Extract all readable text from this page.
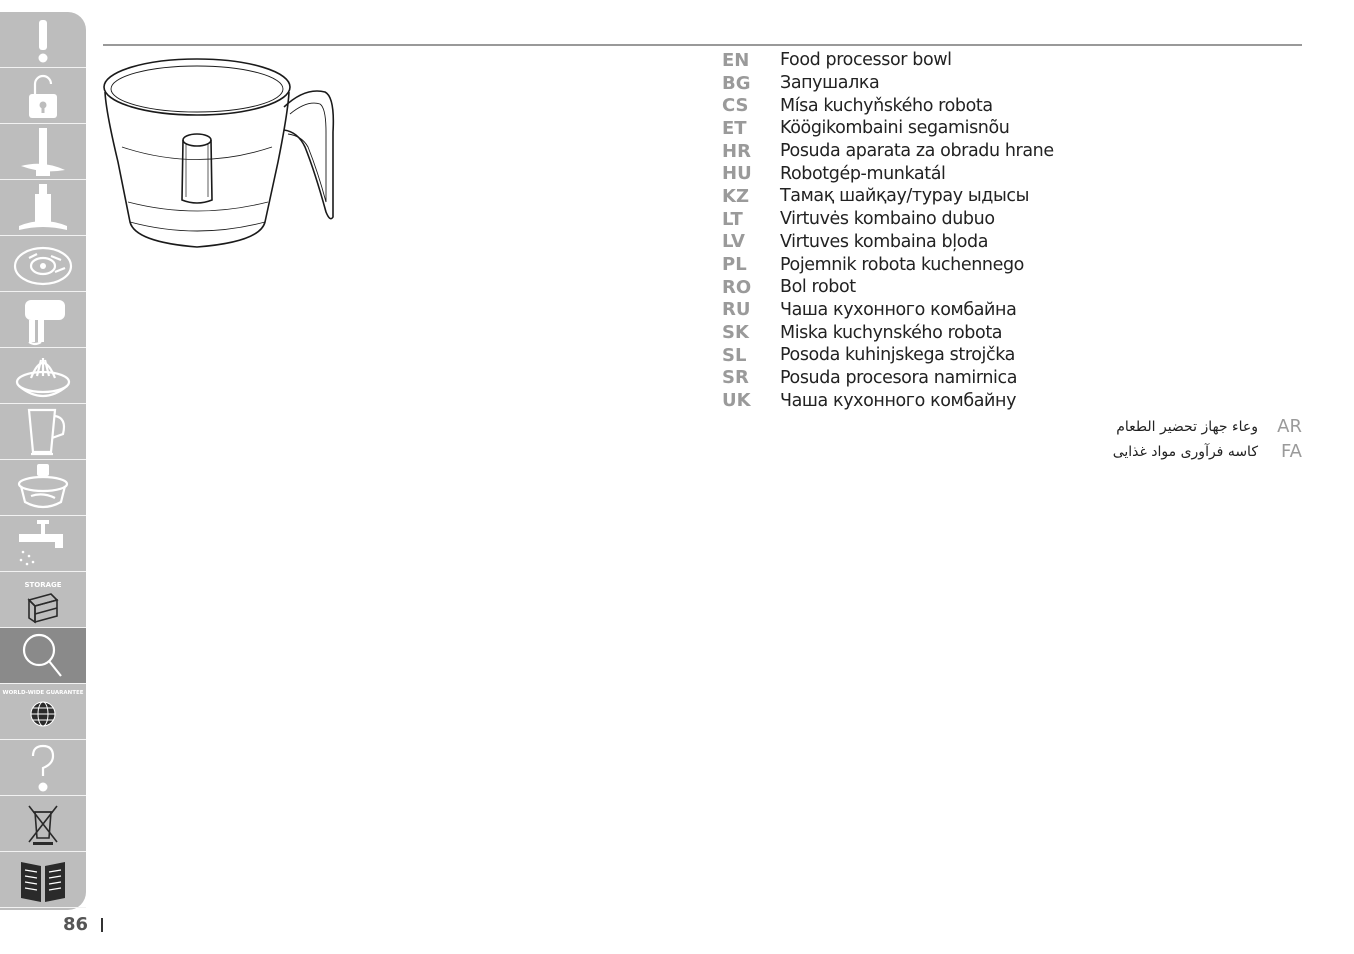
STORAGE
WORLD-WIDE GUARANTEE
86
EN	Food processor bowl
BG	Запушалка
CS	Mísa kuchyňského robota
ET	Köögikombaini segamisnõu
HR	Posuda aparata za obradu hrane
HU	Robotgép-munkatál
KZ	Тамақ шайқау/турау ыдысы
LT	Virtuvės kombaino dubuo
LV	Virtuves kombaina bļoda
PL	Pojemnik robota kuchennego
RO	Bol robot
RU	Чаша кухонного комбайна
SK	Miska kuchynského robota
SL	Posoda kuhinjskega strojčka
SR	Posuda procesora namirnica
UK	Чаша кухонного комбайну
وعاء جهاز تحضير الطعام	AR
کاسه فرآوری مواد غذایی	FA
